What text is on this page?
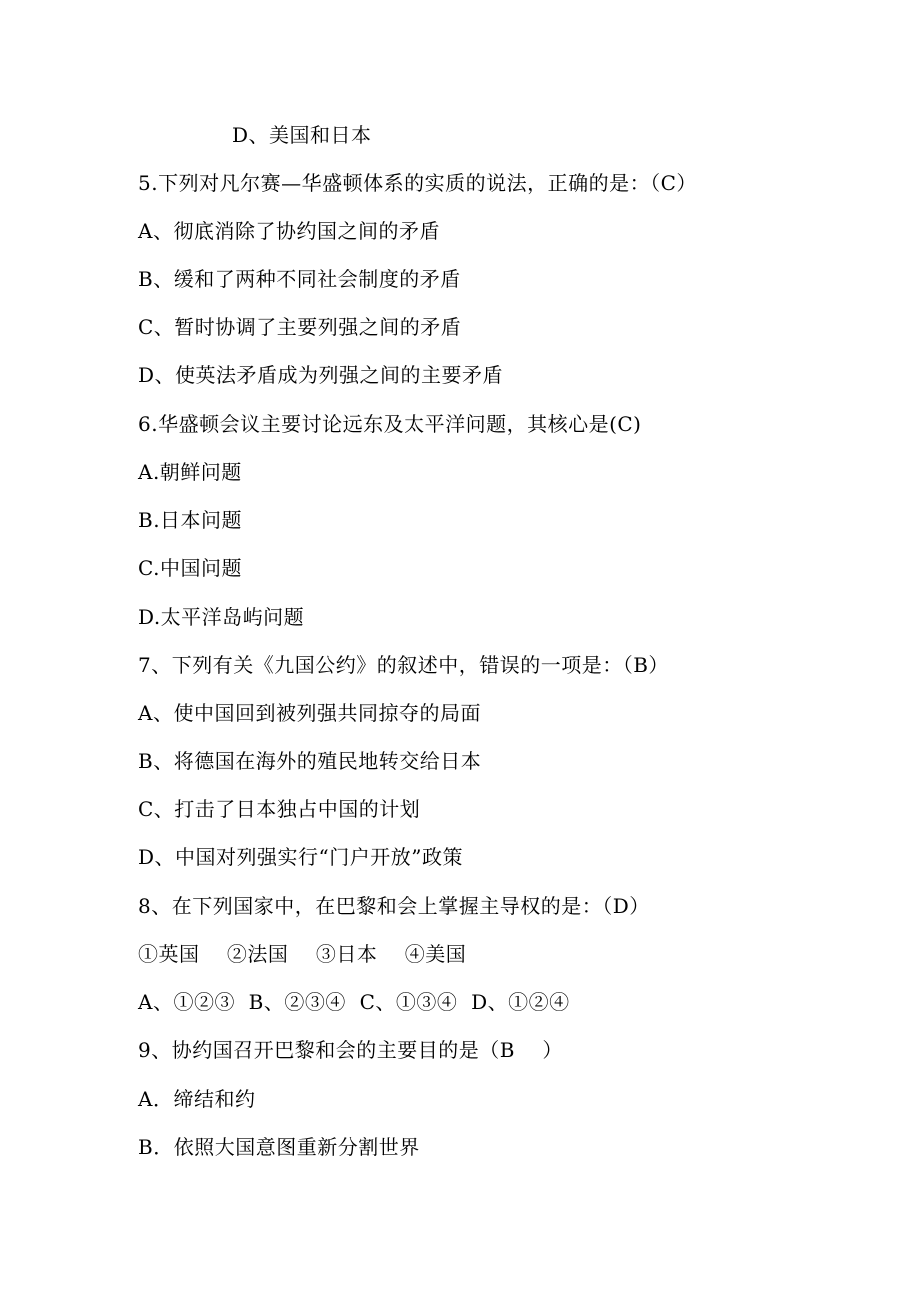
D、美国和日本
5.下列对凡尔赛—华盛顿体系的实质的说法，正确的是：（C）
A、彻底消除了协约国之间的矛盾
B、缓和了两种不同社会制度的矛盾
C、暂时协调了主要列强之间的矛盾
D、使英法矛盾成为列强之间的主要矛盾
6.华盛顿会议主要讨论远东及太平洋问题，其核心是(C)
A.朝鲜问题
B.日本问题
C.中国问题
D.太平洋岛屿问题
7、下列有关《九国公约》的叙述中，错误的一项是：（B）
A、使中国回到被列强共同掠夺的局面
B、将德国在海外的殖民地转交给日本
C、打击了日本独占中国的计划
D、中国对列强实行“门户开放”政策
8、在下列国家中，在巴黎和会上掌握主导权的是：（D）
①英国    ②法国    ③日本    ④美国
A、①②③  B、②③④  C、①③④  D、①②④
9、协约国召开巴黎和会的主要目的是（B    ）
A．缔结和约
B．依照大国意图重新分割世界
